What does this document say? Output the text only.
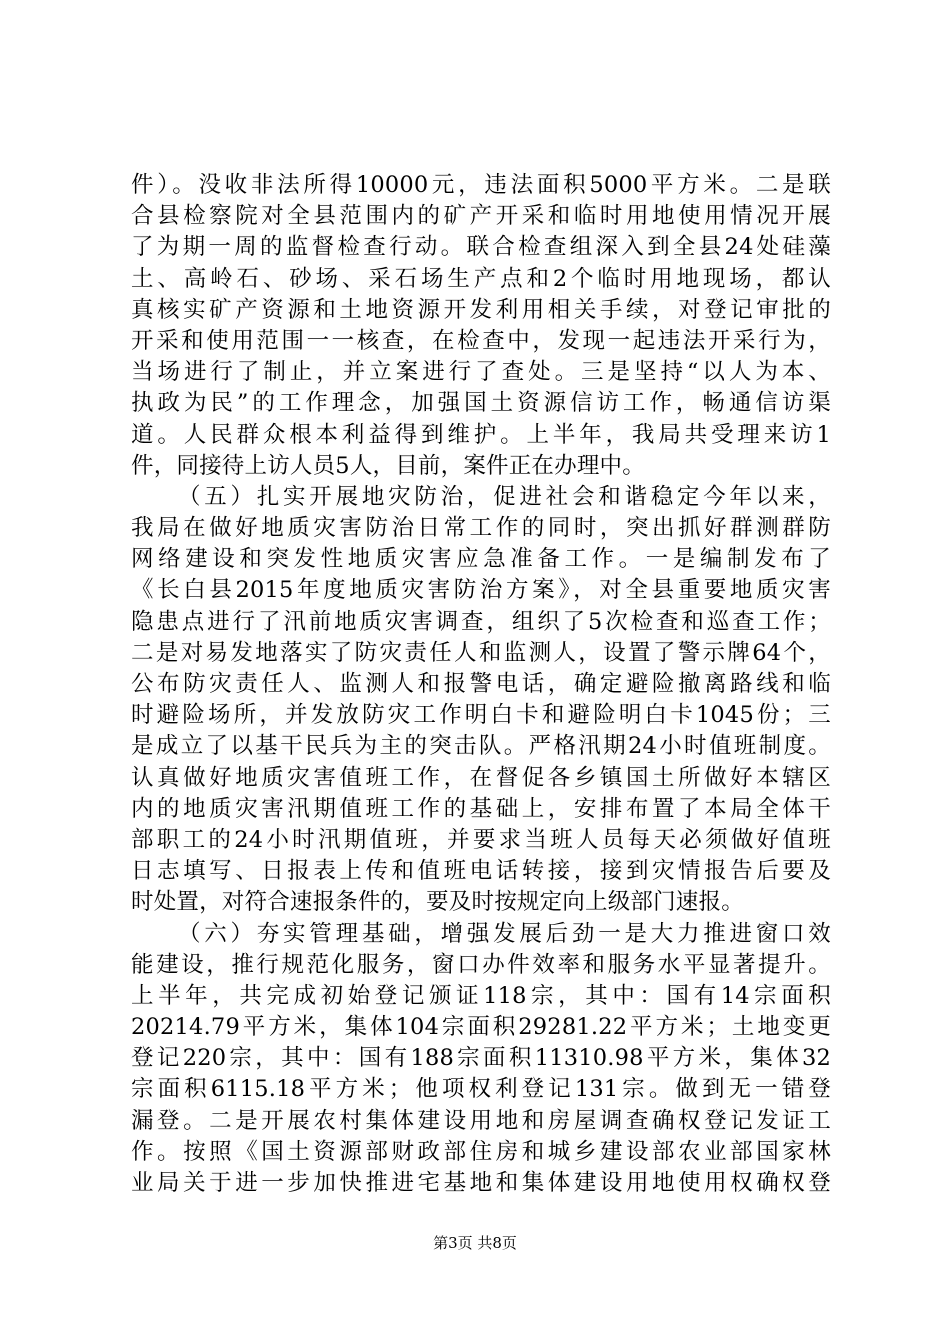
件）。没收非法所得10000元，违法面积5000平方米。二是联
合县检察院对全县范围内的矿产开采和临时用地使用情况开展
了为期一周的监督检查行动。联合检查组深入到全县24处硅藻
土、高岭石、砂场、采石场生产点和2个临时用地现场，都认
真核实矿产资源和土地资源开发利用相关手续，对登记审批的
开采和使用范围一一核查，在检查中，发现一起违法开采行为，
当场进行了制止，并立案进行了查处。三是坚持“以人为本、
执政为民”的工作理念，加强国土资源信访工作，畅通信访渠
道。人民群众根本利益得到维护。上半年，我局共受理来访1
件，同接待上访人员5人，目前，案件正在办理中。
（五）扎实开展地灾防治，促进社会和谐稳定今年以来，
我局在做好地质灾害防治日常工作的同时，突出抓好群测群防
网络建设和突发性地质灾害应急准备工作。一是编制发布了
《长白县2015年度地质灾害防治方案》，对全县重要地质灾害
隐患点进行了汛前地质灾害调查，组织了5次检查和巡查工作；
二是对易发地落实了防灾责任人和监测人，设置了警示牌64个，
公布防灾责任人、监测人和报警电话，确定避险撤离路线和临
时避险场所，并发放防灾工作明白卡和避险明白卡1045份；三
是成立了以基干民兵为主的突击队。严格汛期24小时值班制度。
认真做好地质灾害值班工作，在督促各乡镇国土所做好本辖区
内的地质灾害汛期值班工作的基础上，安排布置了本局全体干
部职工的24小时汛期值班，并要求当班人员每天必须做好值班
日志填写、日报表上传和值班电话转接，接到灾情报告后要及
时处置，对符合速报条件的，要及时按规定向上级部门速报。
（六）夯实管理基础，增强发展后劲一是大力推进窗口效
能建设，推行规范化服务，窗口办件效率和服务水平显著提升。
上半年，共完成初始登记颁证118宗，其中：国有14宗面积
20214.79平方米，集体104宗面积29281.22平方米；土地变更
登记220宗，其中：国有188宗面积11310.98平方米，集体32
宗面积6115.18平方米；他项权利登记131宗。做到无一错登
漏登。二是开展农村集体建设用地和房屋调查确权登记发证工
作。按照《国土资源部财政部住房和城乡建设部农业部国家林
业局关于进一步加快推进宅基地和集体建设用地使用权确权登
第3页 共8页
